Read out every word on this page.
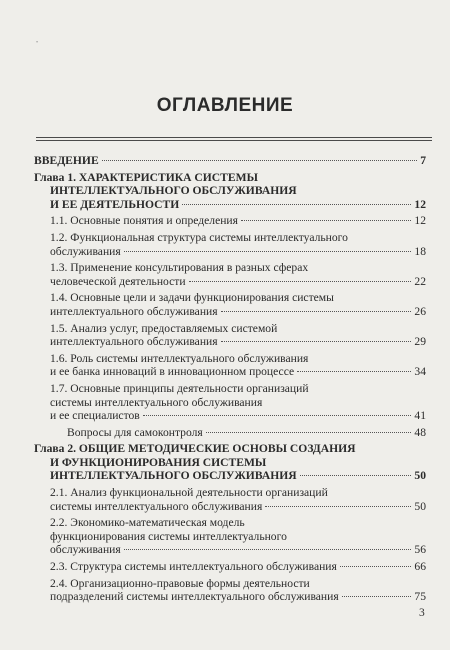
•
ОГЛАВЛЕНИЕ
ВВЕДЕНИЕ	7
Глава 1. ХАРАКТЕРИСТИКА СИСТЕМЫ
ИНТЕЛЛЕКТУАЛЬНОГО ОБСЛУЖИВАНИЯ
И ЕЕ ДЕЯТЕЛЬНОСТИ	12
1.1. Основные понятия и определения	12
1.2. Функциональная структура системы интеллектуального
обслуживания	18
1.3. Применение консультирования в разных сферах
человеческой деятельности	22
1.4. Основные цели и задачи функционирования системы
интеллектуального обслуживания	26
1.5. Анализ услуг, предоставляемых системой
интеллектуального обслуживания	29
1.6. Роль системы интеллектуального обслуживания
и ее банка инноваций в инновационном процессе	34
1.7. Основные принципы деятельности организаций
системы интеллектуального обслуживания
и ее специалистов	41
Вопросы для самоконтроля	48
Глава 2. ОБЩИЕ МЕТОДИЧЕСКИЕ ОСНОВЫ СОЗДАНИЯ
И ФУНКЦИОНИРОВАНИЯ СИСТЕМЫ
ИНТЕЛЛЕКТУАЛЬНОГО ОБСЛУЖИВАНИЯ	50
2.1. Анализ функциональной деятельности организаций
системы интеллектуального обслуживания	50
2.2. Экономико-математическая модель
функционирования системы интеллектуального
обслуживания	56
2.3. Структура системы интеллектуального обслуживания	66
2.4. Организационно-правовые формы деятельности
подразделений системы интеллектуального обслуживания	75
3
